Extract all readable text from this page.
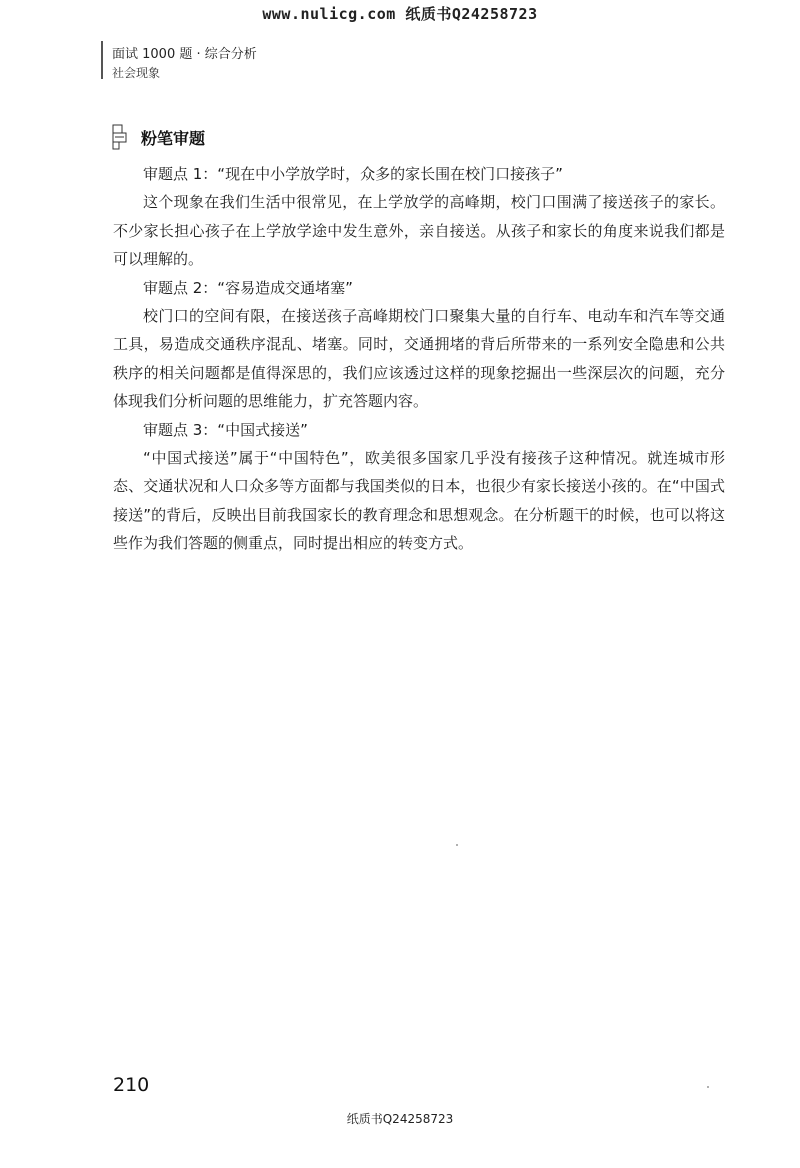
www.nulicg.com 纸质书Q24258723
面试 1000 题 · 综合分析
社会现象
粉笔审题

审题点 1：“现在中小学放学时，众多的家长围在校门口接孩子”

这个现象在我们生活中很常见，在上学放学的高峰期，校门口围满了接送孩子的家长。不少家长担心孩子在上学放学途中发生意外，亲自接送。从孩子和家长的角度来说我们都是可以理解的。

审题点 2：“容易造成交通堵塞”

校门口的空间有限，在接送孩子高峰期校门口聚集大量的自行车、电动车和汽车等交通工具，易造成交通秩序混乱、堵塞。同时，交通拥堵的背后所带来的一系列安全隐患和公共秩序的相关问题都是值得深思的，我们应该透过这样的现象挖掘出一些深层次的问题，充分体现我们分析问题的思维能力，扩充答题内容。

审题点 3：“中国式接送”

“中国式接送”属于“中国特色”，欧美很多国家几乎没有接孩子这种情况。就连城市形态、交通状况和人口众多等方面都与我国类似的日本，也很少有家长接送小孩的。在“中国式接送”的背后，反映出目前我国家长的教育理念和思想观念。在分析题干的时候，也可以将这些作为我们答题的侧重点，同时提出相应的转变方式。

210
纸质书Q24258723
